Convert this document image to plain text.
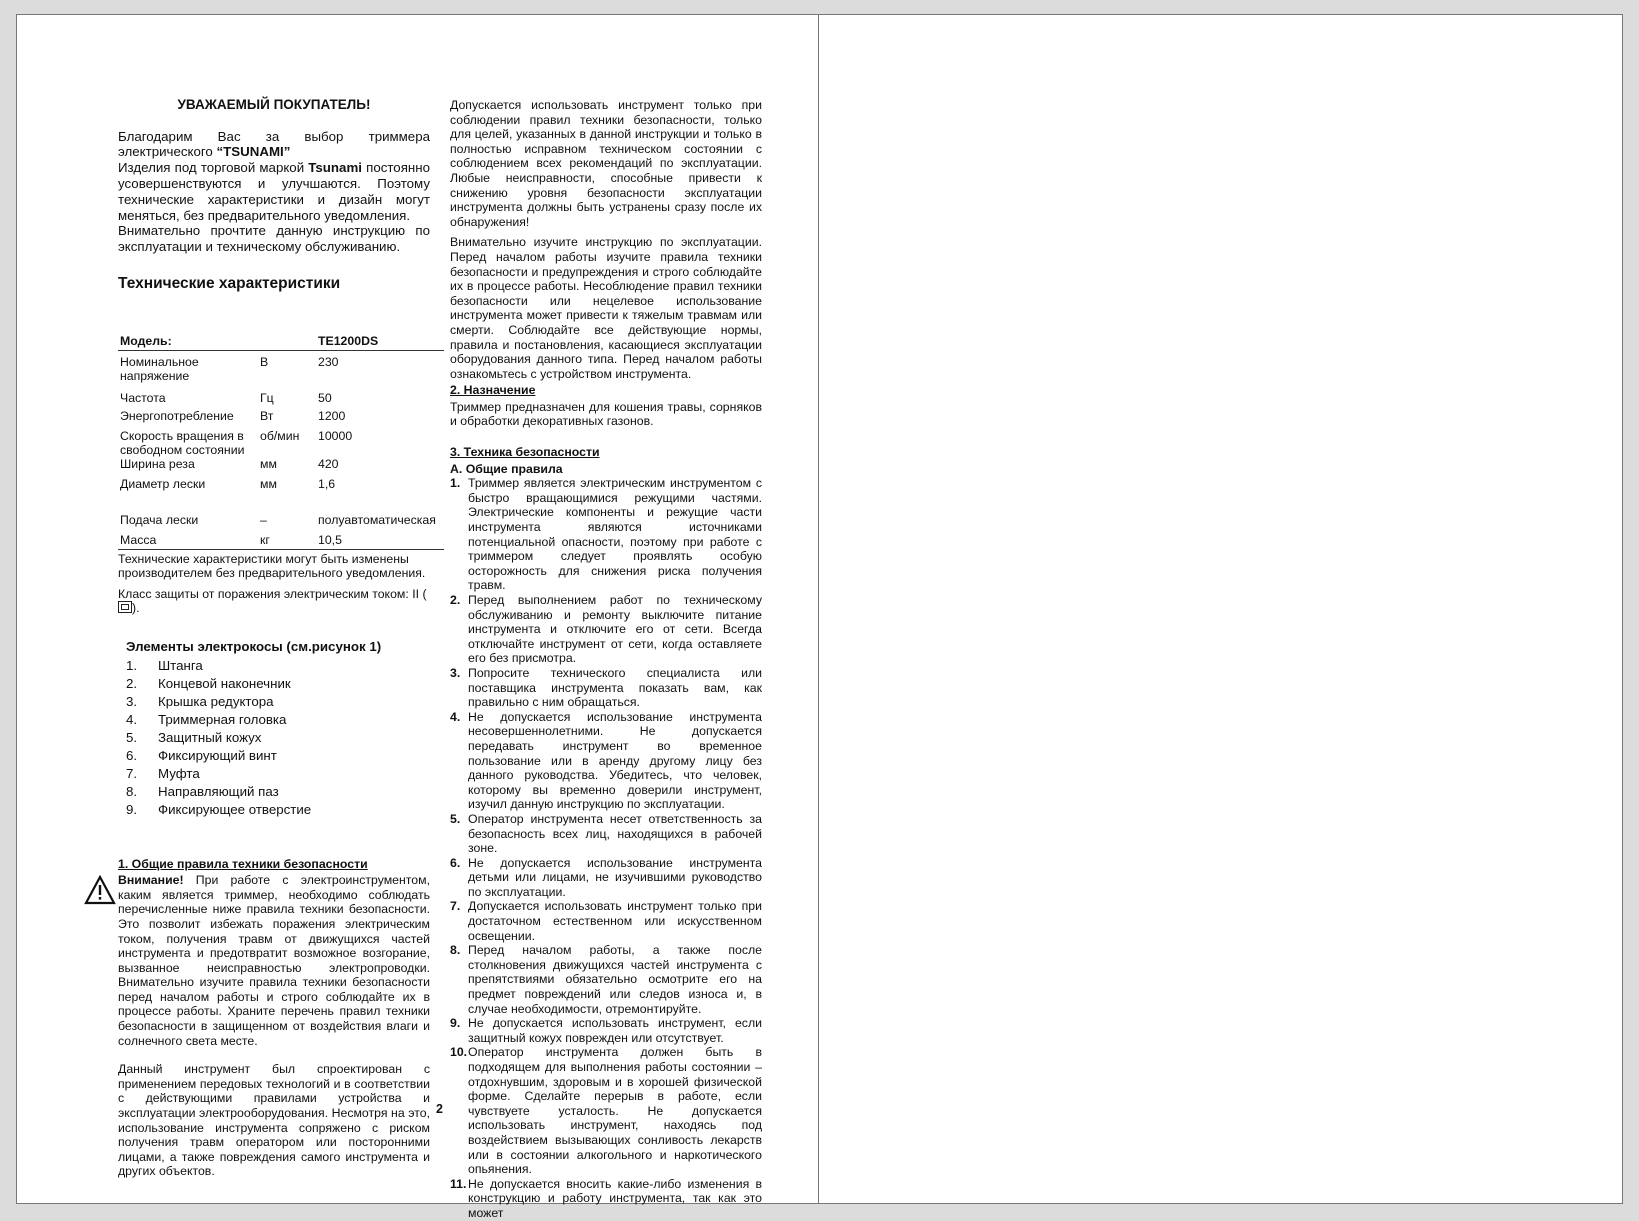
УВАЖАЕМЫЙ ПОКУПАТЕЛЬ!

Благодарим Вас за выбор триммера электрического “TSUNAMI”

Изделия под торговой маркой Tsunami постоянно усовершенствуются и улучшаются. Поэтому технические характеристики и дизайн могут меняться, без предварительного уведомления.

Внимательно прочтите данную инструкцию по эксплуатации и техническому обслуживанию.

Технические характеристики
Модель:		TE1200DS
Номинальное напряжение	В	230
Частота	Гц	50
Энергопотребление	Вт	1200
Скорость вращения в свободном состоянии	об/мин	10000
Ширина реза	мм	420
Диаметр лески	мм	1,6
Подача лески	–	полуавтоматическая
Масса	кг	10,5

Технические характеристики могут быть изменены производителем без предварительного уведомления.

Класс защиты от поражения электрическим током: II ().

Элементы электрокосы (см.рисунок 1)
1.	Штанга
2.	Концевой наконечник
3.	Крышка редуктора
4.	Триммерная головка
5.	Защитный кожух
6.	Фиксирующий винт
7.	Муфта
8.	Направляющий паз
9.	Фиксирующее отверстие
1. Общие правила техники безопасности

Внимание! При работе с электроинструментом, каким является триммер, необходимо соблюдать перечисленные ниже правила техники безопасности. Это позволит избежать поражения электрическим током, получения травм от движущихся частей инструмента и предотвратит возможное возгорание, вызванное неисправностью электропроводки. Внимательно изучите правила техники безопасности перед началом работы и строго соблюдайте их в процессе работы. Храните перечень правил техники безопасности в защищенном от воздействия влаги и солнечного света месте.

Данный инструмент был спроектирован с применением передовых технологий и в соответствии с действующими правилами устройства и эксплуатации электрооборудования. Несмотря на это, использование инструмента сопряжено с риском получения травм оператором или посторонними лицами, а также повреждения самого инструмента и других объектов.

Допускается использовать инструмент только при соблюдении правил техники безопасности, только для целей, указанных в данной инструкции и только в полностью исправном техническом состоянии с соблюдением всех рекомендаций по эксплуатации. Любые неисправности, способные привести к снижению уровня безопасности эксплуатации инструмента должны быть устранены сразу после их обнаружения!

Внимательно изучите инструкцию по эксплуатации. Перед началом работы изучите правила техники безопасности и предупреждения и строго соблюдайте их в процессе работы. Несоблюдение правил техники безопасности или нецелевое использование инструмента может привести к тяжелым травмам или смерти. Соблюдайте все действующие нормы, правила и постановления, касающиеся эксплуатации оборудования данного типа. Перед началом работы ознакомьтесь с устройством инструмента.

2. Назначение

Триммер предназначен для кошения травы, сорняков и обработки декоративных газонов.

3. Техника безопасности
А. Общие правила
1. Триммер является электрическим инструментом с быстро вращающимися режущими частями. Электрические компоненты и режущие части инструмента являются источниками потенциальной опасности, поэтому при работе с триммером следует проявлять особую осторожность для снижения риска получения травм.
2. Перед выполнением работ по техническому обслуживанию и ремонту выключите питание инструмента и отключите его от сети. Всегда отключайте инструмент от сети, когда оставляете его без присмотра.
3. Попросите технического специалиста или поставщика инструмента показать вам, как правильно с ним обращаться.
4. Не допускается использование инструмента несовершеннолетними. Не допускается передавать инструмент во временное пользование или в аренду другому лицу без данного руководства. Убедитесь, что человек, которому вы временно доверили инструмент, изучил данную инструкцию по эксплуатации.
5. Оператор инструмента несет ответственность за безопасность всех лиц, находящихся в рабочей зоне.
6. Не допускается использование инструмента детьми или лицами, не изучившими руководство по эксплуатации.
7. Допускается использовать инструмент только при достаточном естественном или искусственном освещении.
8. Перед началом работы, а также после столкновения движущихся частей инструмента с препятствиями обязательно осмотрите его на предмет повреждений или следов износа и, в случае необходимости, отремонтируйте.
9. Не допускается использовать инструмент, если защитный кожух поврежден или отсутствует.
10. Оператор инструмента должен быть в подходящем для выполнения работы состоянии – отдохнувшим, здоровым и в хорошей физической форме. Сделайте перерыв в работе, если чувствуете усталость. Не допускается использовать инструмент, находясь под воздействием вызывающих сонливость лекарств или в состоянии алкогольного и наркотического опьянения.
11. Не допускается вносить какие-либо изменения в конструкцию и работу инструмента, так как это может
2
